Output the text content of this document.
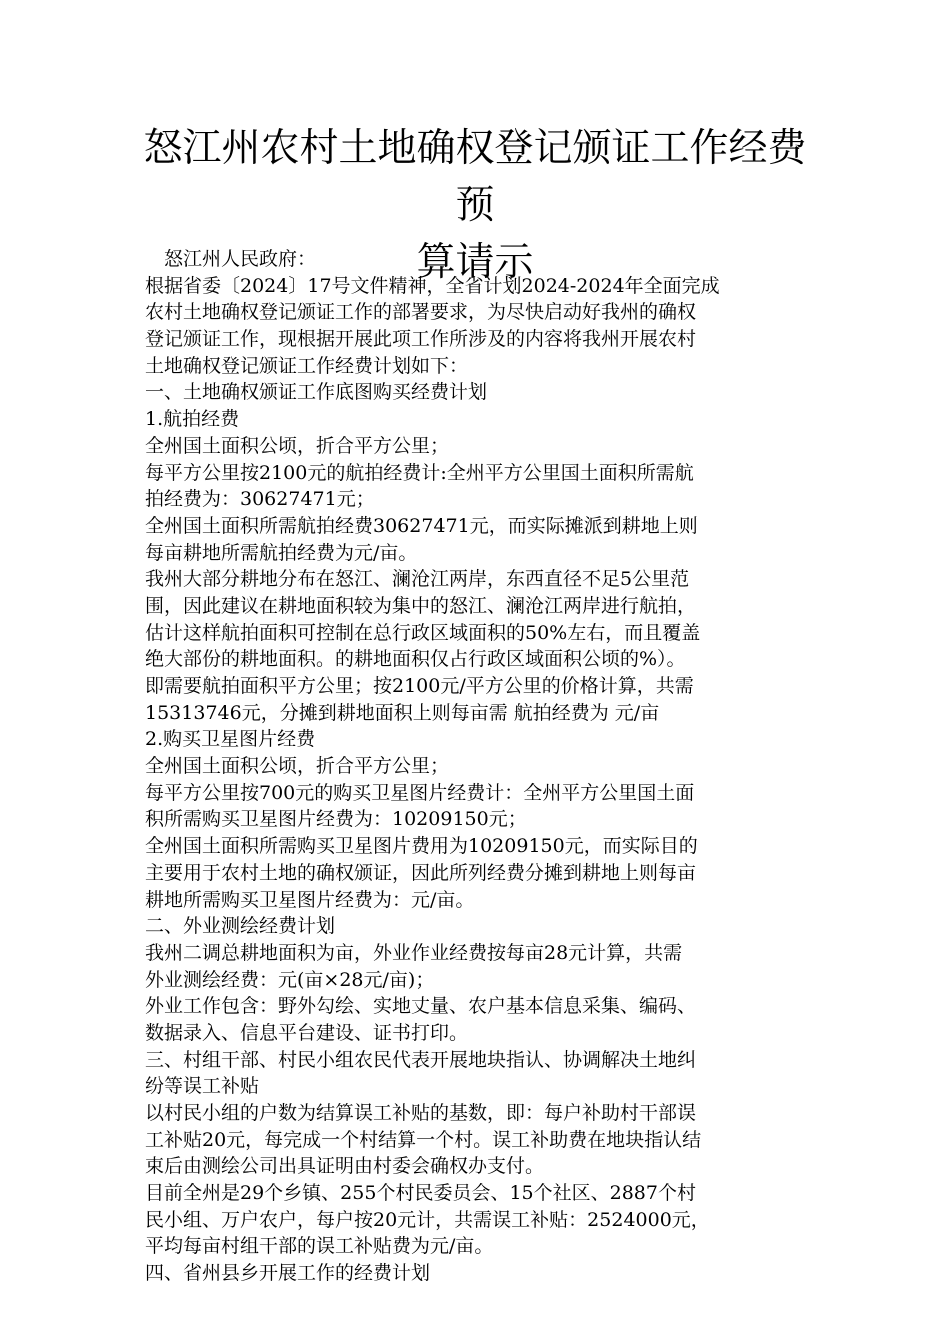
怒江州农村土地确权登记颁证工作经费预
算请示
　怒江州人民政府：
根据省委〔2024〕17号文件精神，全省计划2024-2024年全面完成
农村土地确权登记颁证工作的部署要求，为尽快启动好我州的确权
登记颁证工作，现根据开展此项工作所涉及的内容将我州开展农村
土地确权登记颁证工作经费计划如下：
一、土地确权颁证工作底图购买经费计划
1.航拍经费
全州国土面积公顷，折合平方公里；
每平方公里按2100元的航拍经费计:全州平方公里国土面积所需航
拍经费为：30627471元；
全州国土面积所需航拍经费30627471元，而实际摊派到耕地上则
每亩耕地所需航拍经费为元/亩。
我州大部分耕地分布在怒江、澜沧江两岸，东西直径不足5公里范
围，因此建议在耕地面积较为集中的怒江、澜沧江两岸进行航拍，
估计这样航拍面积可控制在总行政区域面积的50%左右，而且覆盖
绝大部份的耕地面积。的耕地面积仅占行政区域面积公顷的%）。
即需要航拍面积平方公里；按2100元/平方公里的价格计算，共需
15313746元，分摊到耕地面积上则每亩需 航拍经费为 元/亩
2.购买卫星图片经费
全州国土面积公顷，折合平方公里；
每平方公里按700元的购买卫星图片经费计：全州平方公里国土面
积所需购买卫星图片经费为：10209150元；
全州国土面积所需购买卫星图片费用为10209150元，而实际目的
主要用于农村土地的确权颁证，因此所列经费分摊到耕地上则每亩
耕地所需购买卫星图片经费为：元/亩。
二、外业测绘经费计划
我州二调总耕地面积为亩，外业作业经费按每亩28元计算，共需
外业测绘经费：元(亩×28元/亩)；
外业工作包含：野外勾绘、实地丈量、农户基本信息采集、编码、
数据录入、信息平台建设、证书打印。
三、村组干部、村民小组农民代表开展地块指认、协调解决土地纠
纷等误工补贴
以村民小组的户数为结算误工补贴的基数，即：每户补助村干部误
工补贴20元，每完成一个村结算一个村。误工补助费在地块指认结
束后由测绘公司出具证明由村委会确权办支付。
目前全州是29个乡镇、255个村民委员会、15个社区、2887个村
民小组、万户农户，每户按20元计，共需误工补贴：2524000元，
平均每亩村组干部的误工补贴费为元/亩。
四、省州县乡开展工作的经费计划
